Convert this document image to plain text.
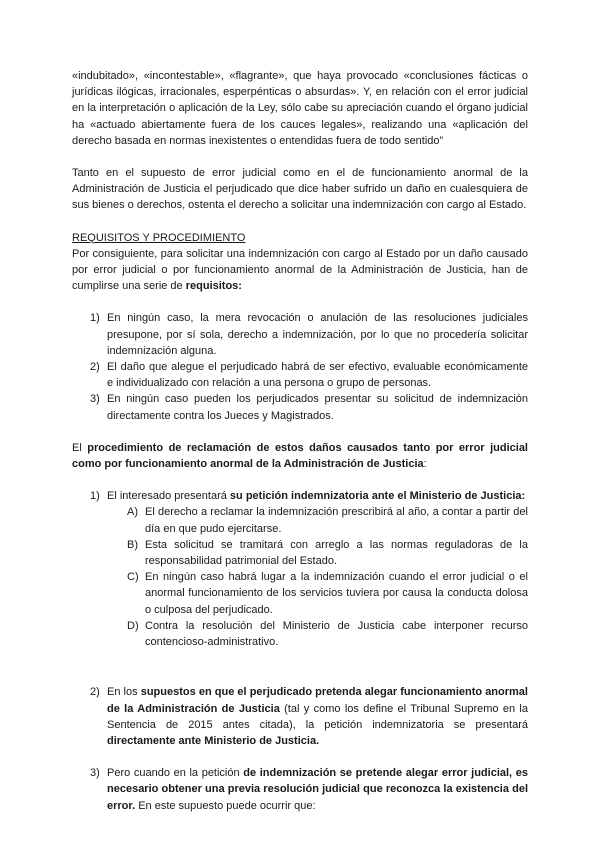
«indubitado», «incontestable», «flagrante», que haya provocado «conclusiones fácticas o jurídicas ilógicas, irracionales, esperpénticas o absurdas». Y, en relación con el error judicial en la interpretación o aplicación de la Ley, sólo cabe su apreciación cuando el órgano judicial ha «actuado abiertamente fuera de los cauces legales», realizando una «aplicación del derecho basada en normas inexistentes o entendidas fuera de todo sentido”

Tanto en el supuesto de error judicial como en el de funcionamiento anormal de la Administración de Justicia el perjudicado que dice haber sufrido un daño en cualesquiera de sus bienes o derechos, ostenta el derecho a solicitar una indemnización con cargo al Estado.

REQUISITOS Y PROCEDIMIENTO

Por consiguiente, para solicitar una indemnización con cargo al Estado por un daño causado por error judicial o por funcionamiento anormal de la Administración de Justicia, han de cumplirse una serie de requisitos:

1) En ningún caso, la mera revocación o anulación de las resoluciones judiciales presupone, por sí sola, derecho a indemnización, por lo que no procedería solicitar indemnización alguna.
2) El daño que alegue el perjudicado habrá de ser efectivo, evaluable económicamente e individualizado con relación a una persona o grupo de personas.
3) En ningún caso pueden los perjudicados presentar su solicitud de indemnización directamente contra los Jueces y Magistrados.

El procedimiento de reclamación de estos daños causados tanto por error judicial como por funcionamiento anormal de la Administración de Justicia:

1) El interesado presentará su petición indemnizatoria ante el Ministerio de Justicia:
A) El derecho a reclamar la indemnización prescribirá al año, a contar a partir del día en que pudo ejercitarse.
B) Esta solicitud se tramitará con arreglo a las normas reguladoras de la responsabilidad patrimonial del Estado.
C) En ningún caso habrá lugar a la indemnización cuando el error judicial o el anormal funcionamiento de los servicios tuviera por causa la conducta dolosa o culposa del perjudicado.
D) Contra la resolución del Ministerio de Justicia cabe interponer recurso contencioso-administrativo.
2) En los supuestos en que el perjudicado pretenda alegar funcionamiento anormal de la Administración de Justicia (tal y como los define el Tribunal Supremo en la Sentencia de 2015 antes citada), la petición indemnizatoria se presentará directamente ante Ministerio de Justicia.
3) Pero cuando en la petición de indemnización se pretende alegar error judicial, es necesario obtener una previa resolución judicial que reconozca la existencia del error. En este supuesto puede ocurrir que:
